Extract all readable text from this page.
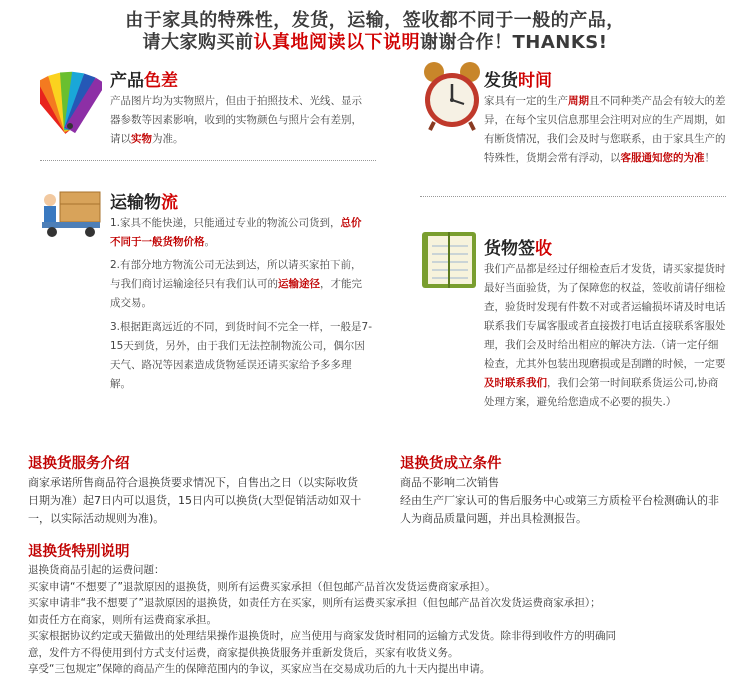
由于家具的特殊性，发货，运输，签收都不同于一般的产品，
请大家购买前认真地阅读以下说明谢谢合作！THANKS!
产品色差
产品图片均为实物照片，但由于拍照技术、光线、显示器参数等因素影响，收到的实物颜色与照片会有差别，请以实物为准。
发货时间
家具有一定的生产周期且不同种类产品会有较大的差异，在每个宝贝信息那里会注明对应的生产周期，如有断货情况，我们会及时与您联系，由于家具生产的特殊性，货期会常有浮动，以客服通知您的为准！
运输物流
1.家具不能快递，只能通过专业的物流公司货到，总价不同于一般货物价格。
2.有部分地方物流公司无法到达，所以请买家拍下前，与我们商讨运输途径只有我们认可的运输途径，才能完成交易。
3.根据距离远近的不同，到货时间不完全一样，一般是7-15天到货，另外，由于我们无法控制物流公司，偶尔因天气、路况等因素造成货物延误还请买家给予多多理解。
货物签收
我们产品都是经过仔细检查后才发货，请买家提货时最好当面验货，为了保障您的权益，签收前请仔细检查，验货时发现有件数不对或者运输损坏请及时电话联系我们专属客服或者直接拨打电话直接联系客服处理，我们会及时给出相应的解决方法.（请一定仔细检查，尤其外包装出现磨损或是刮蹭的时候，一定要及时联系我们，我们会第一时间联系货运公司,协商处理方案，避免给您造成不必要的损失.）
退换货服务介绍
商家承诺所售商品符合退换货要求情况下，自售出之日（以实际收货日期为准）起7日内可以退货，15日内可以换货(大型促销活动如双十一，以实际活动规则为准)。
退换货成立条件
商品不影响二次销售
经由生产厂家认可的售后服务中心或第三方质检平台检测确认的非人为商品质量问题，并出具检测报告。
退换货特别说明
退换货商品引起的运费问题：
买家申请“不想要了”退款原因的退换货，则所有运费买家承担（但包邮产品首次发货运费商家承担）。
买家申请非“我不想要了”退款原因的退换货，如责任方在买家，则所有运费买家承担（但包邮产品首次发货运费商家承担）；
如责任方在商家，则所有运费商家承担。
买家根据协议约定或天猫做出的处理结果操作退换货时，应当使用与商家发货时相同的运输方式发货。除非得到收件方的明确同
意，发件方不得使用到付方式支付运费，商家提供换货服务并重新发货后，买家有收货义务。
享受“三包规定”保障的商品产生的保障范围内的争议，买家应当在交易成功后的九十天内提出申请。
